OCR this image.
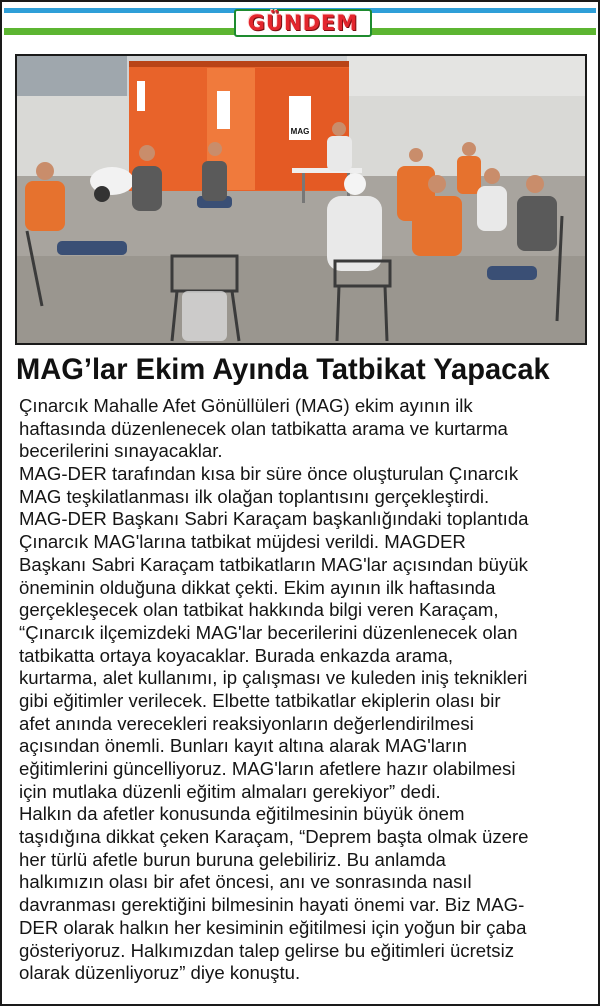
GÜNDEM
MAG
MAG’lar Ekim Ayında Tatbikat Yapacak
Çınarcık Mahalle Afet Gönüllüleri (MAG) ekim ayının ilk
haftasında düzenlenecek olan tatbikatta arama ve kurtarma
becerilerini sınayacaklar.
MAG-DER tarafından kısa bir süre önce oluşturulan Çınarcık
MAG teşkilatlanması ilk olağan toplantısını gerçekleştirdi.
MAG-DER Başkanı Sabri Karaçam başkanlığındaki toplantıda
Çınarcık MAG'larına tatbikat müjdesi verildi. MAGDER
Başkanı Sabri Karaçam tatbikatların MAG'lar açısından büyük
öneminin olduğuna dikkat çekti. Ekim ayının ilk haftasında
gerçekleşecek olan tatbikat hakkında bilgi veren Karaçam,
“Çınarcık ilçemizdeki MAG'lar becerilerini düzenlenecek olan
tatbikatta ortaya koyacaklar. Burada enkazda arama,
kurtarma, alet kullanımı, ip çalışması ve kuleden iniş teknikleri
gibi eğitimler verilecek. Elbette tatbikatlar ekiplerin olası bir
afet anında verecekleri reaksiyonların değerlendirilmesi
açısından önemli. Bunları kayıt altına alarak MAG'ların
eğitimlerini güncelliyoruz. MAG'ların afetlere hazır olabilmesi
için mutlaka düzenli eğitim almaları gerekiyor” dedi.
Halkın da afetler konusunda eğitilmesinin büyük önem
taşıdığına dikkat çeken Karaçam, “Deprem başta olmak üzere
her türlü afetle burun buruna gelebiliriz. Bu anlamda
halkımızın olası bir afet öncesi, anı ve sonrasında nasıl
davranması gerektiğini bilmesinin hayati önemi var. Biz MAG-
DER olarak halkın her kesiminin eğitilmesi için yoğun bir çaba
gösteriyoruz. Halkımızdan talep gelirse bu eğitimleri ücretsiz
olarak düzenliyoruz” diye konuştu.
